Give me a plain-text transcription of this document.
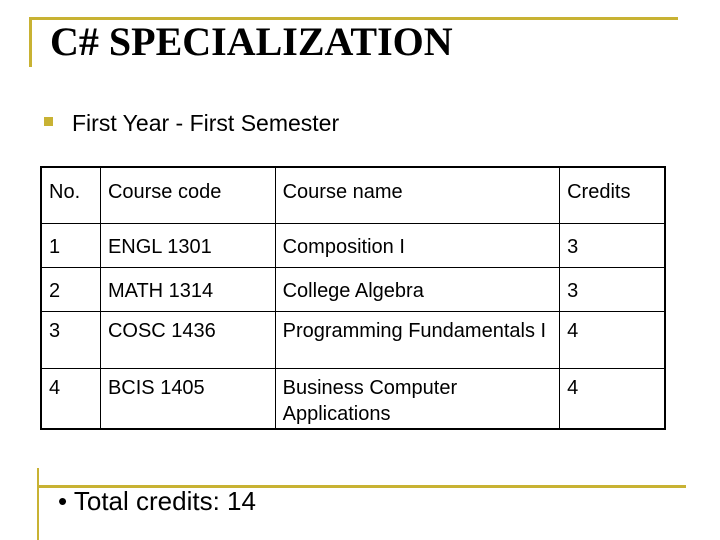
C# SPECIALIZATION
First Year - First Semester
No.	Course code	Course name	Credits
1	ENGL 1301	Composition I	3
2	MATH 1314	College Algebra	3
3	COSC 1436	Programming Fundamentals I	4
4	BCIS 1405	Business Computer Applications	4
• Total credits: 14
